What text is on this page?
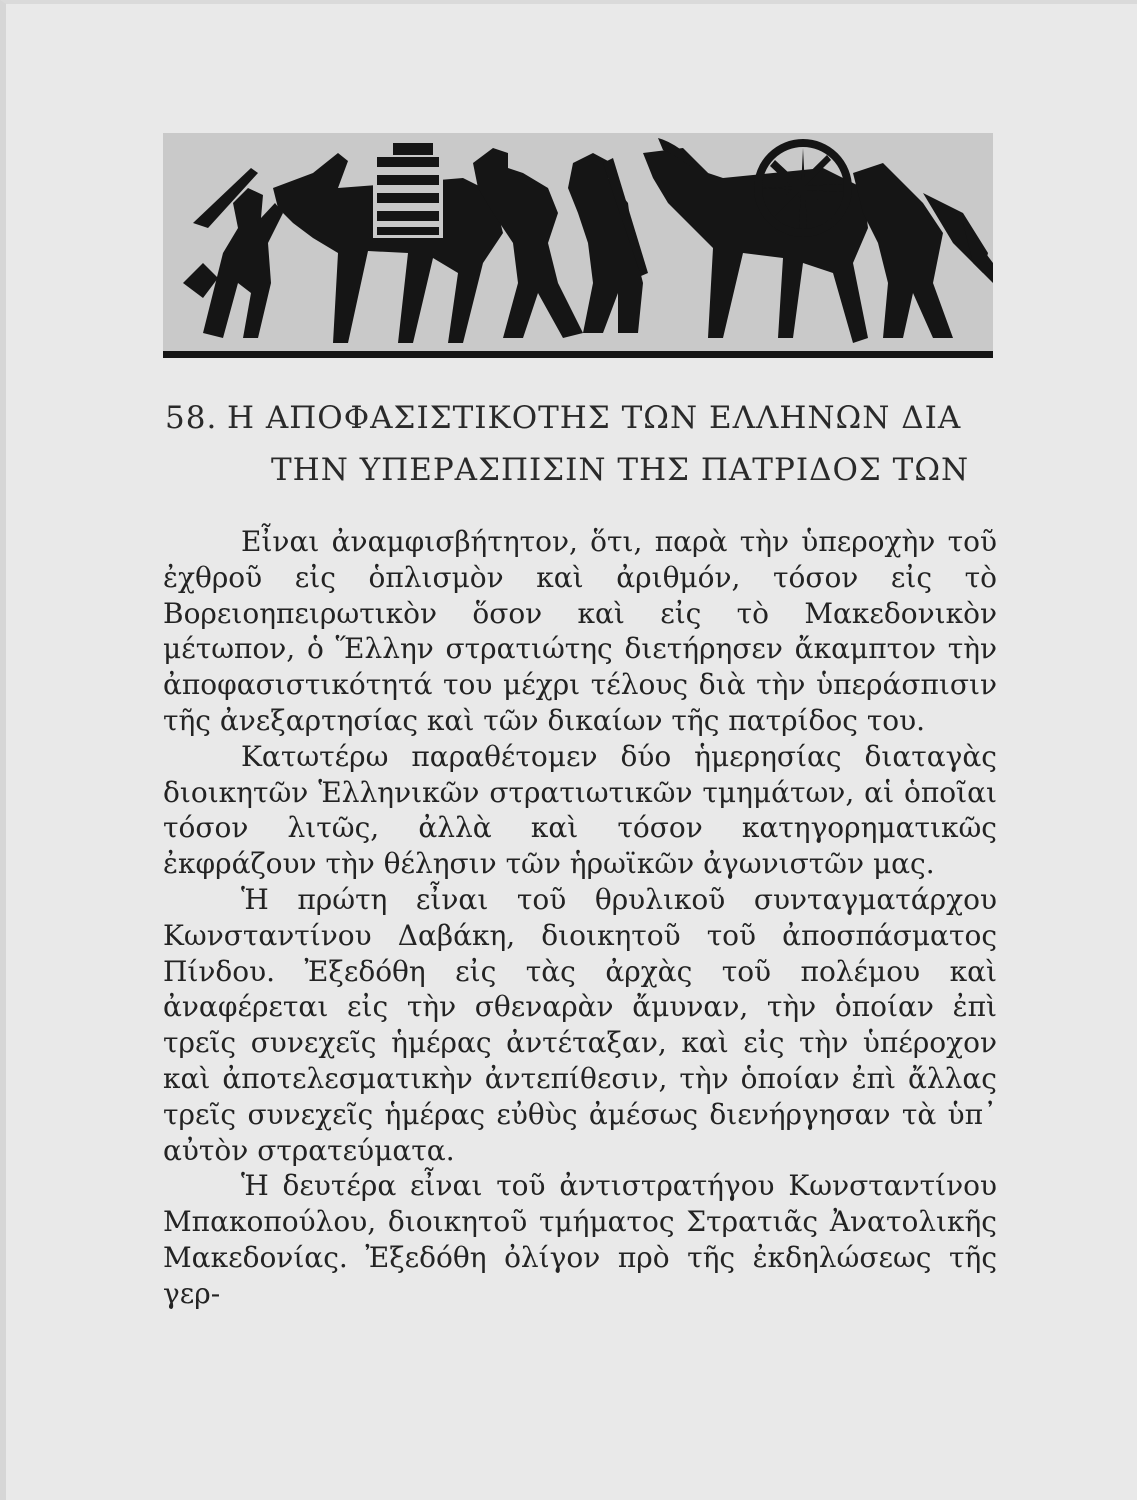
58. Η ΑΠΟΦΑΣΙΣΤΙΚΟΤΗΣ ΤΩΝ ΕΛΛΗΝΩΝ ΔΙΑ
ΤΗΝ ΥΠΕΡΑΣΠΙΣΙΝ ΤΗΣ ΠΑΤΡΙΔΟΣ ΤΩΝ

Εἶναι ἀναμφισβήτητον, ὅτι, παρὰ τὴν ὑπεροχὴν τοῦ ἐχθροῦ εἰς ὁπλισμὸν καὶ ἀριθμόν, τόσον εἰς τὸ Βορειοηπειρωτικὸν ὅσον καὶ εἰς τὸ Μακεδονικὸν μέτωπον, ὁ Ἕλλην στρατιώτης διετήρησεν ἄκαμπτον τὴν ἀποφασιστικότητά του μέχρι τέλους διὰ τὴν ὑπεράσπισιν τῆς ἀνεξαρτησίας καὶ τῶν δικαίων τῆς πατρίδος του.

Κατωτέρω παραθέτομεν δύο ἡμερησίας διαταγὰς διοικητῶν Ἑλληνικῶν στρατιωτικῶν τμημάτων, αἱ ὁποῖαι τόσον λιτῶς, ἀλλὰ καὶ τόσον κατηγορηματικῶς ἐκφράζουν τὴν θέλησιν τῶν ἡρωϊκῶν ἀγωνιστῶν μας.

Ἡ πρώτη εἶναι τοῦ θρυλικοῦ συνταγματάρχου Κωνσταντίνου Δαβάκη, διοικητοῦ τοῦ ἀποσπάσματος Πίνδου. Ἐξεδόθη εἰς τὰς ἀρχὰς τοῦ πολέμου καὶ ἀναφέρεται εἰς τὴν σθεναρὰν ἄμυναν, τὴν ὁποίαν ἐπὶ τρεῖς συνεχεῖς ἡμέρας ἀντέταξαν, καὶ εἰς τὴν ὑπέροχον καὶ ἀποτελεσματικὴν ἀντεπίθεσιν, τὴν ὁποίαν ἐπὶ ἄλλας τρεῖς συνεχεῖς ἡμέρας εὐθὺς ἀμέσως διενήργησαν τὰ ὑπ᾽ αὐτὸν στρατεύματα.

Ἡ δευτέρα εἶναι τοῦ ἀντιστρατήγου Κωνσταντίνου Μπακοπούλου, διοικητοῦ τμήματος Στρατιᾶς Ἀνατολικῆς Μακεδονίας. Ἐξεδόθη ὀλίγον πρὸ τῆς ἐκδηλώσεως τῆς γερ-
